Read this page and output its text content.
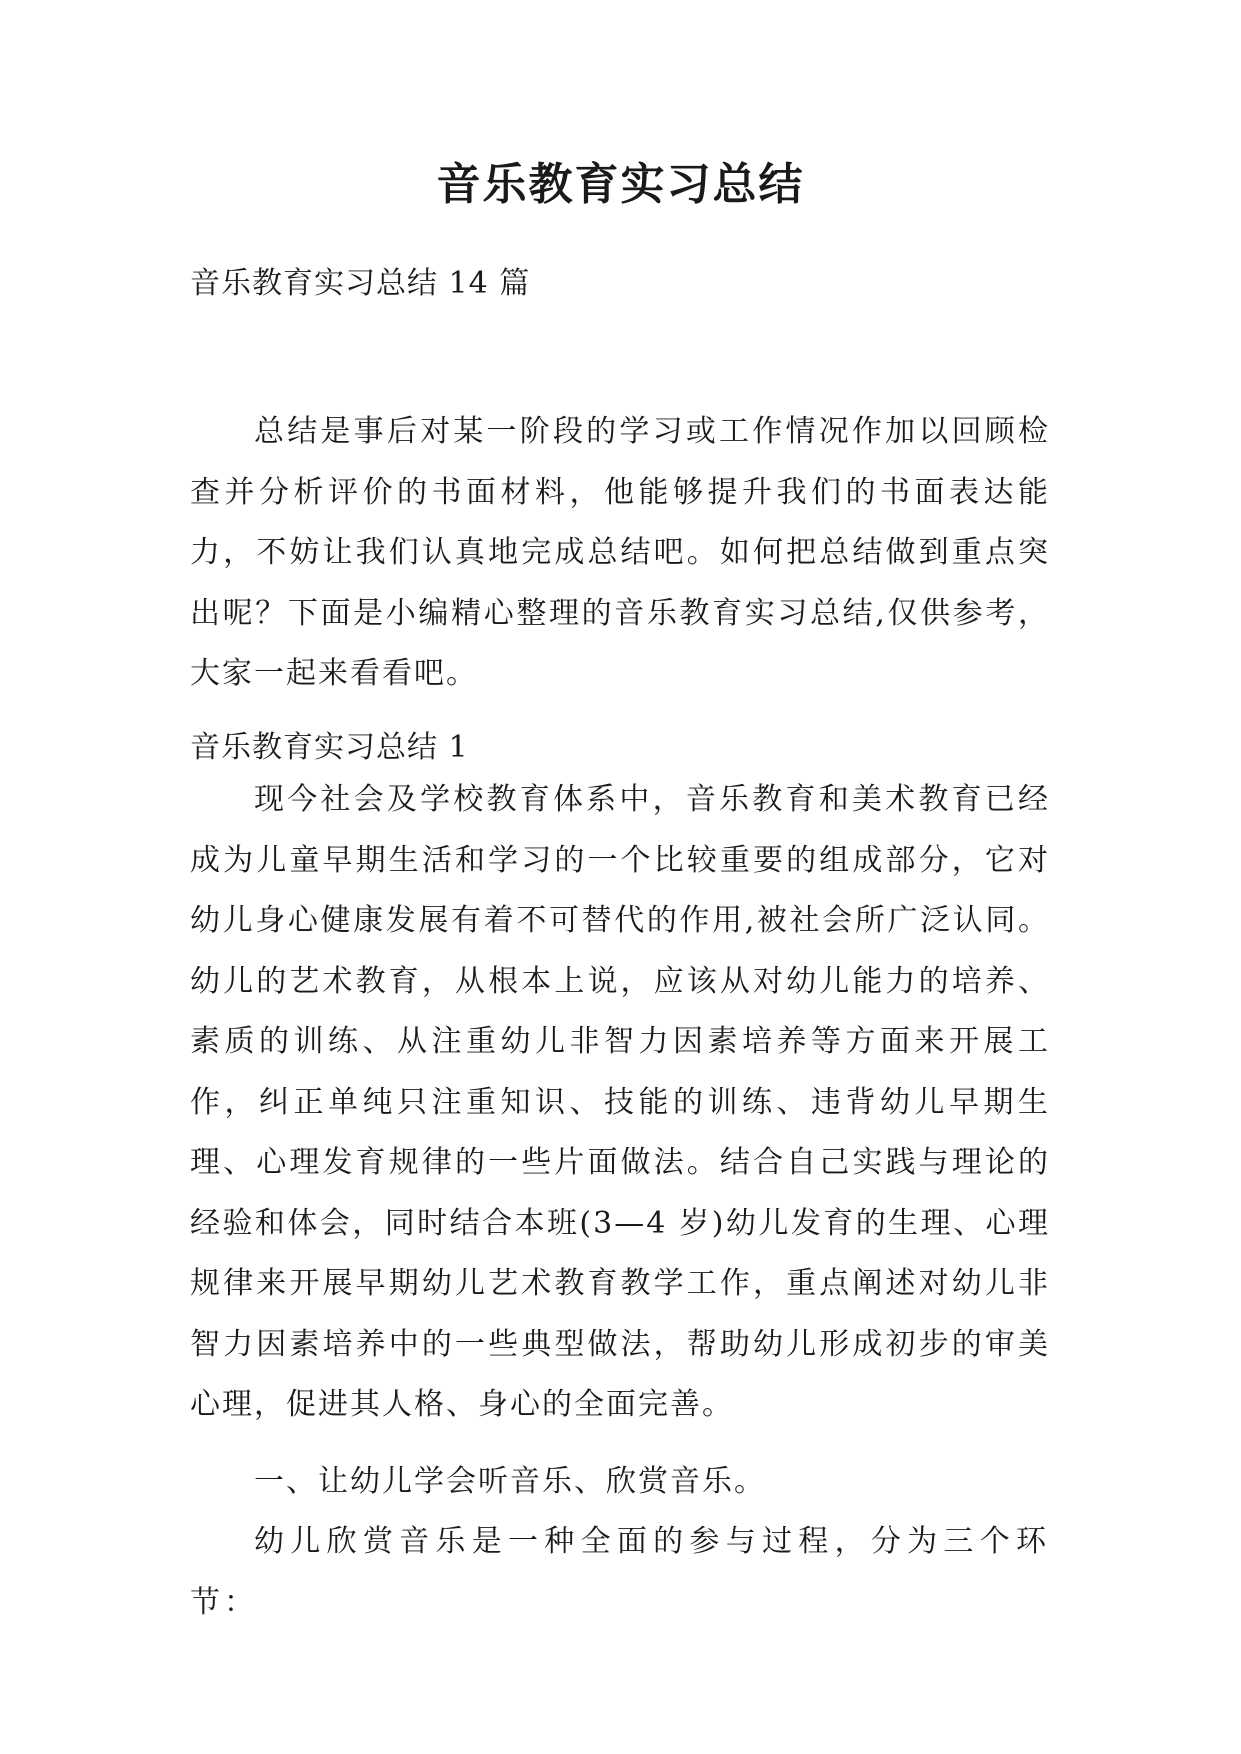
音乐教育实习总结

音乐教育实习总结 14 篇

总结是事后对某一阶段的学习或工作情况作加以回顾检查并分析评价的书面材料，他能够提升我们的书面表达能力，不妨让我们认真地完成总结吧。如何把总结做到重点突出呢？下面是小编精心整理的音乐教育实习总结,仅供参考，大家一起来看看吧。

音乐教育实习总结 1

现今社会及学校教育体系中，音乐教育和美术教育已经成为儿童早期生活和学习的一个比较重要的组成部分，它对幼儿身心健康发展有着不可替代的作用,被社会所广泛认同。幼儿的艺术教育，从根本上说，应该从对幼儿能力的培养、素质的训练、从注重幼儿非智力因素培养等方面来开展工作，纠正单纯只注重知识、技能的训练、违背幼儿早期生理、心理发育规律的一些片面做法。结合自己实践与理论的经验和体会，同时结合本班(3—4 岁)幼儿发育的生理、心理规律来开展早期幼儿艺术教育教学工作，重点阐述对幼儿非智力因素培养中的一些典型做法，帮助幼儿形成初步的审美心理，促进其人格、身心的全面完善。

一、让幼儿学会听音乐、欣赏音乐。

幼儿欣赏音乐是一种全面的参与过程，分为三个环节：
